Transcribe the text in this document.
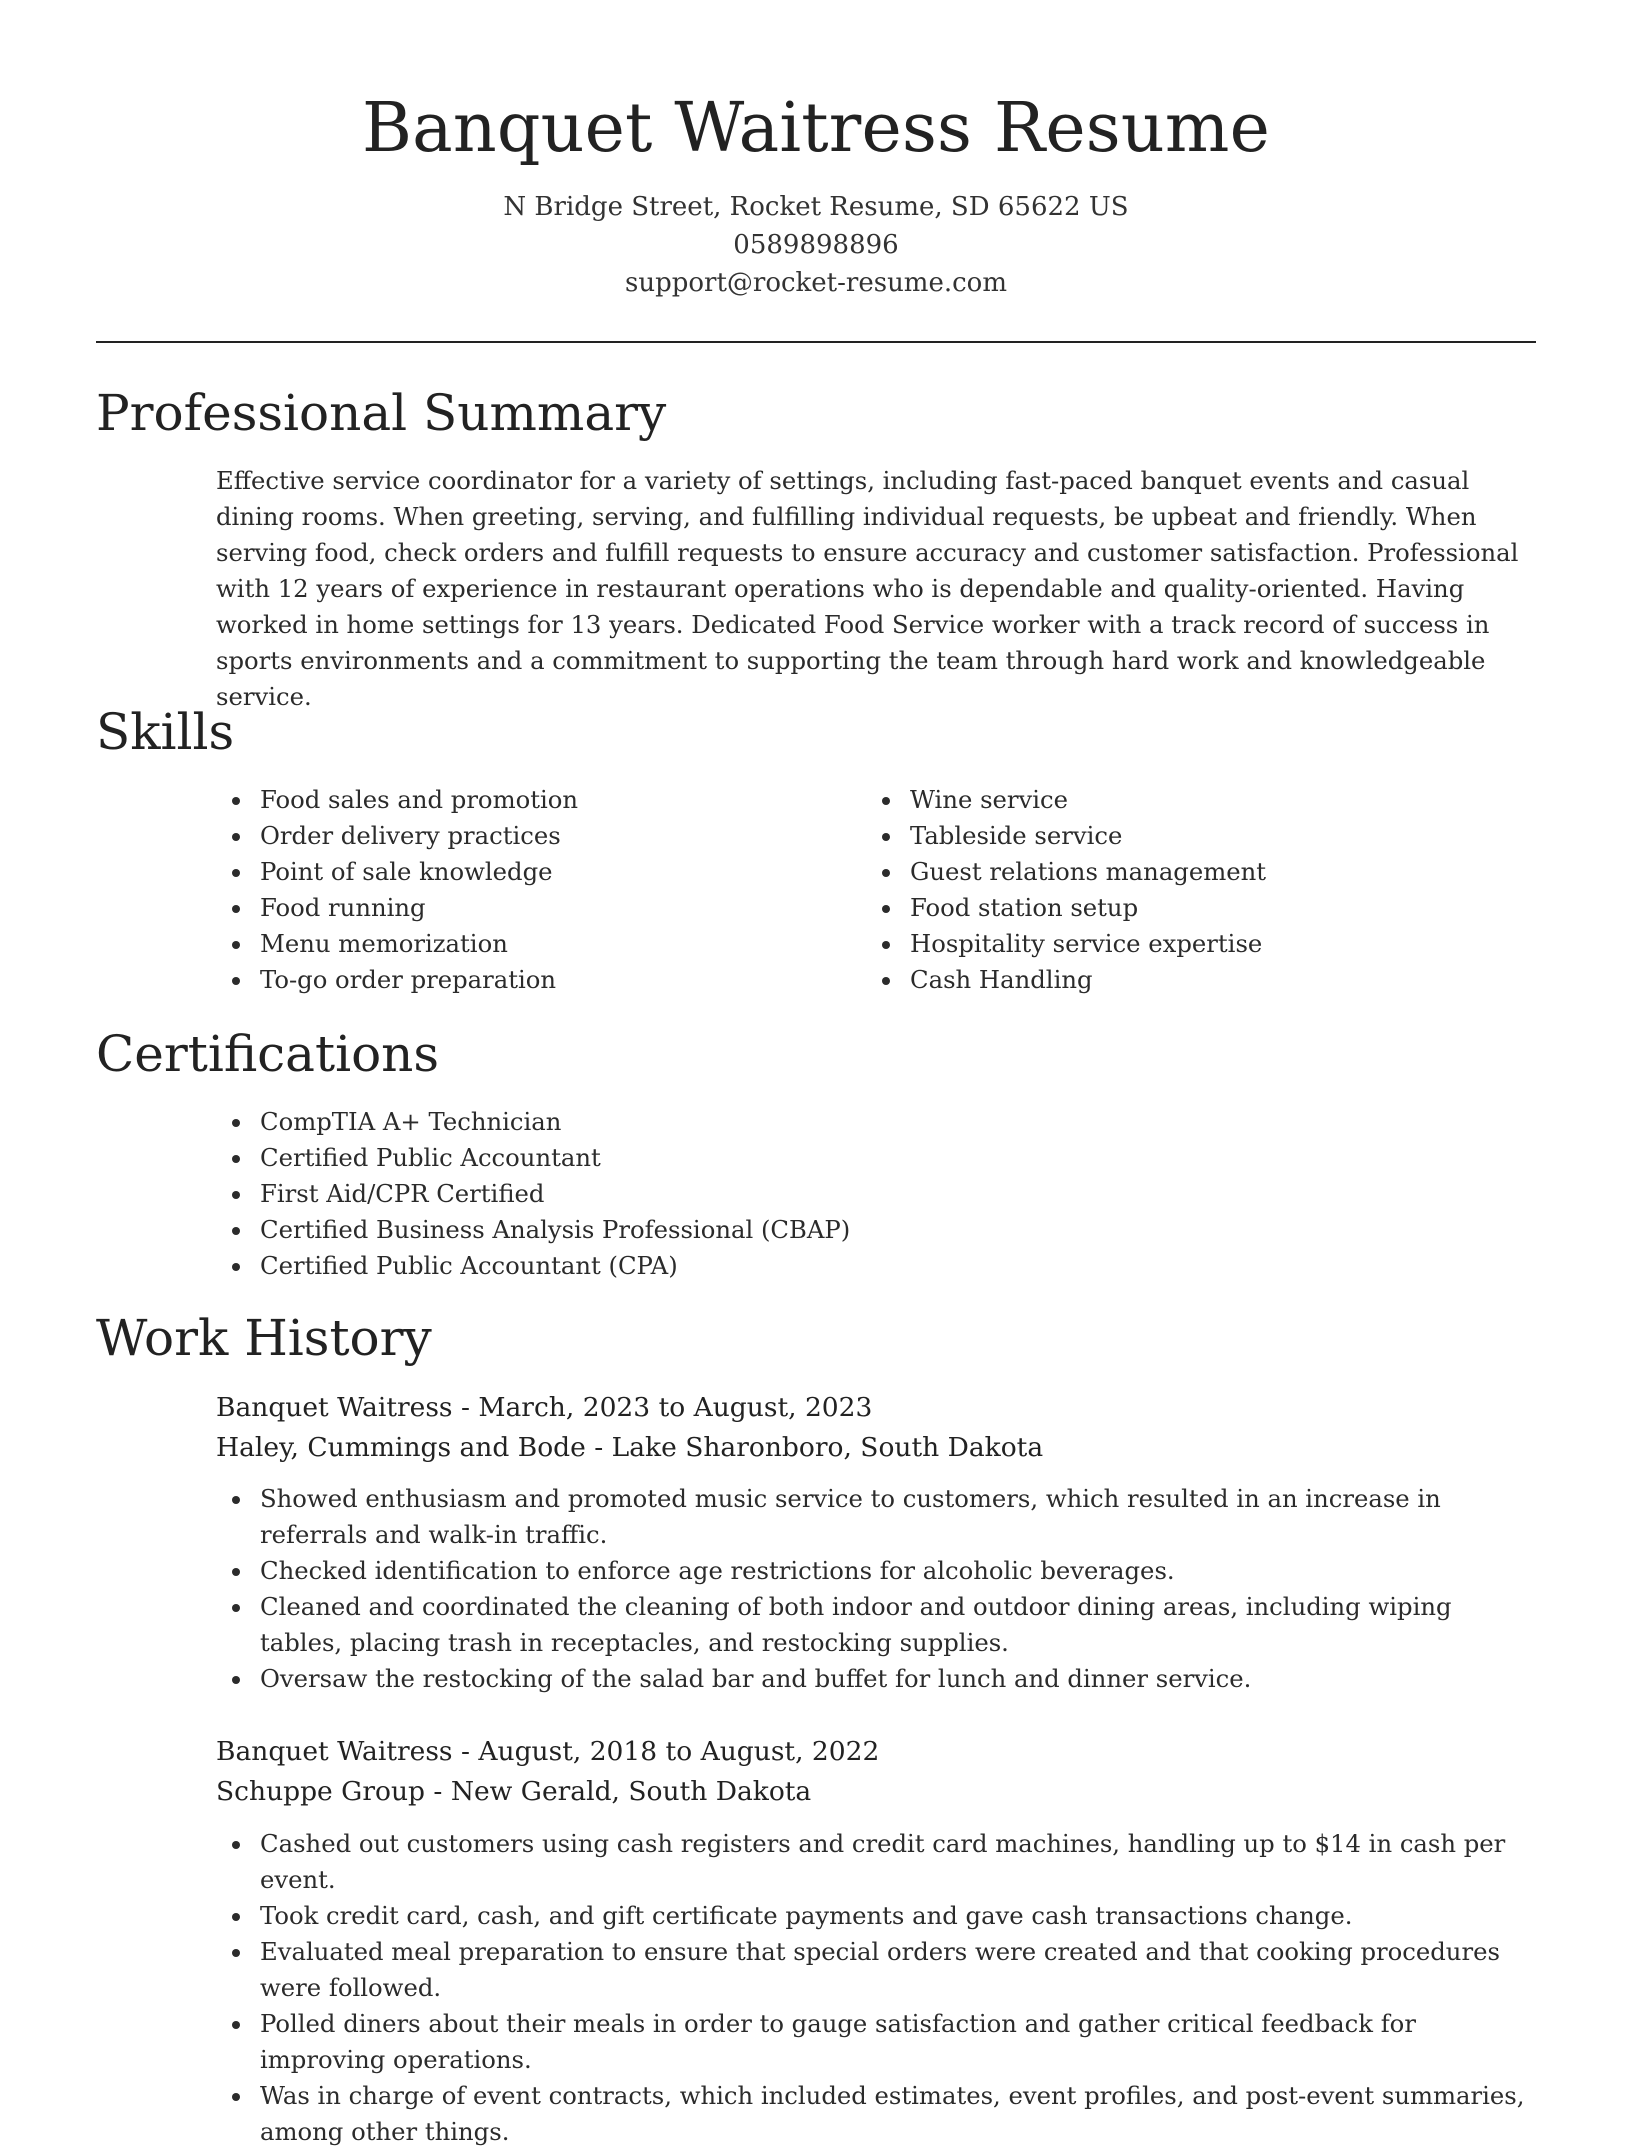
Banquet Waitress Resume
N Bridge Street, Rocket Resume, SD 65622 US
0589898896
support@rocket-resume.com
Professional Summary

Effective service coordinator for a variety of settings, including fast-paced banquet events and casual dining rooms. When greeting, serving, and fulfilling individual requests, be upbeat and friendly. When serving food, check orders and fulfill requests to ensure accuracy and customer satisfaction. Professional with 12 years of experience in restaurant operations who is dependable and quality-oriented. Having worked in home settings for 13 years. Dedicated Food Service worker with a track record of success in sports environments and a commitment to supporting the team through hard work and knowledgeable service.

Skills
Food sales and promotion
Order delivery practices
Point of sale knowledge
Food running
Menu memorization
To-go order preparation
Wine service
Tableside service
Guest relations management
Food station setup
Hospitality service expertise
Cash Handling
Certifications
CompTIA A+ Technician
Certified Public Accountant
First Aid/CPR Certified
Certified Business Analysis Professional (CBAP)
Certified Public Accountant (CPA)
Work History
Banquet Waitress - March, 2023 to August, 2023
Haley, Cummings and Bode - Lake Sharonboro, South Dakota
Showed enthusiasm and promoted music service to customers, which resulted in an increase in referrals and walk-in traffic.
Checked identification to enforce age restrictions for alcoholic beverages.
Cleaned and coordinated the cleaning of both indoor and outdoor dining areas, including wiping tables, placing trash in receptacles, and restocking supplies.
Oversaw the restocking of the salad bar and buffet for lunch and dinner service.
Banquet Waitress - August, 2018 to August, 2022
Schuppe Group - New Gerald, South Dakota
Cashed out customers using cash registers and credit card machines, handling up to $14 in cash per event.
Took credit card, cash, and gift certificate payments and gave cash transactions change.
Evaluated meal preparation to ensure that special orders were created and that cooking procedures were followed.
Polled diners about their meals in order to gauge satisfaction and gather critical feedback for improving operations.
Was in charge of event contracts, which included estimates, event profiles, and post-event summaries, among other things.
